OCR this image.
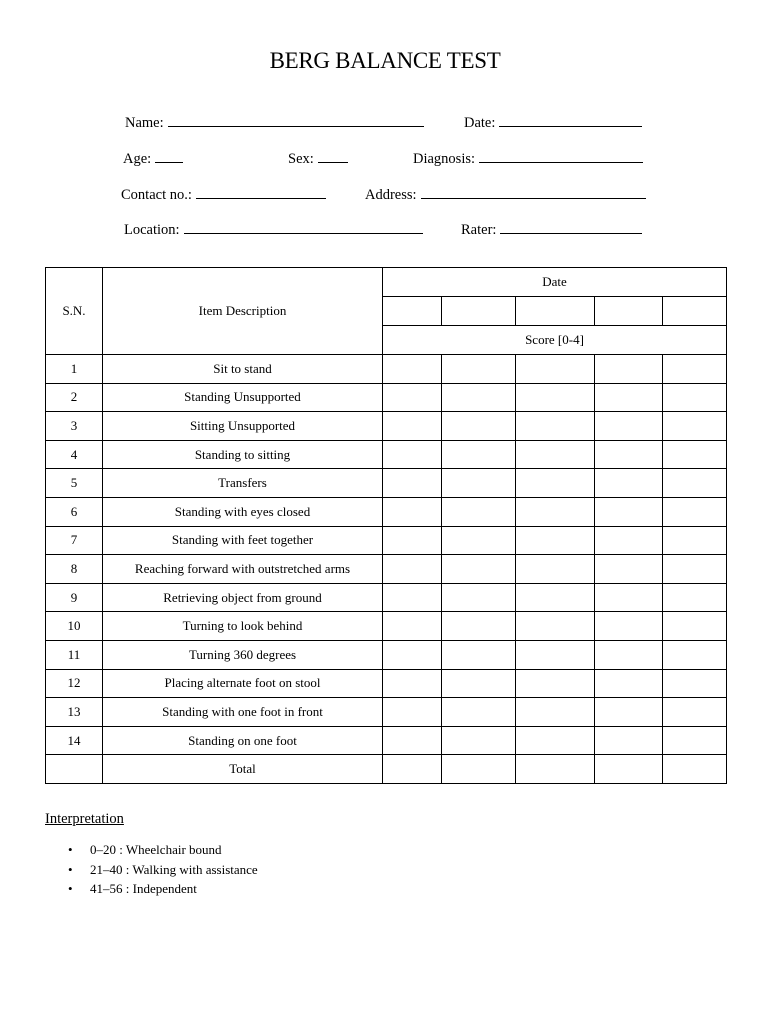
BERG BALANCE TEST
Name:	Date:
Age:	Sex:	Diagnosis:
Contact no.:	Address:
Location:	Rater:
S.N.	Item Description	Date				

		Score [0-4]				
1	Sit to stand					
2	Standing Unsupported					
3	Sitting Unsupported					
4	Standing to sitting					
5	Transfers					
6	Standing with eyes closed					
7	Standing with feet together					
8	Reaching forward with outstretched arms					
9	Retrieving object from ground					
10	Turning to look behind					
11	Turning 360 degrees					
12	Placing alternate foot on stool					
13	Standing with one foot in front					
14	Standing on one foot					
	Total					
Interpretation
• 0–20 : Wheelchair bound
• 21–40 : Walking with assistance
• 41–56 : Independent
